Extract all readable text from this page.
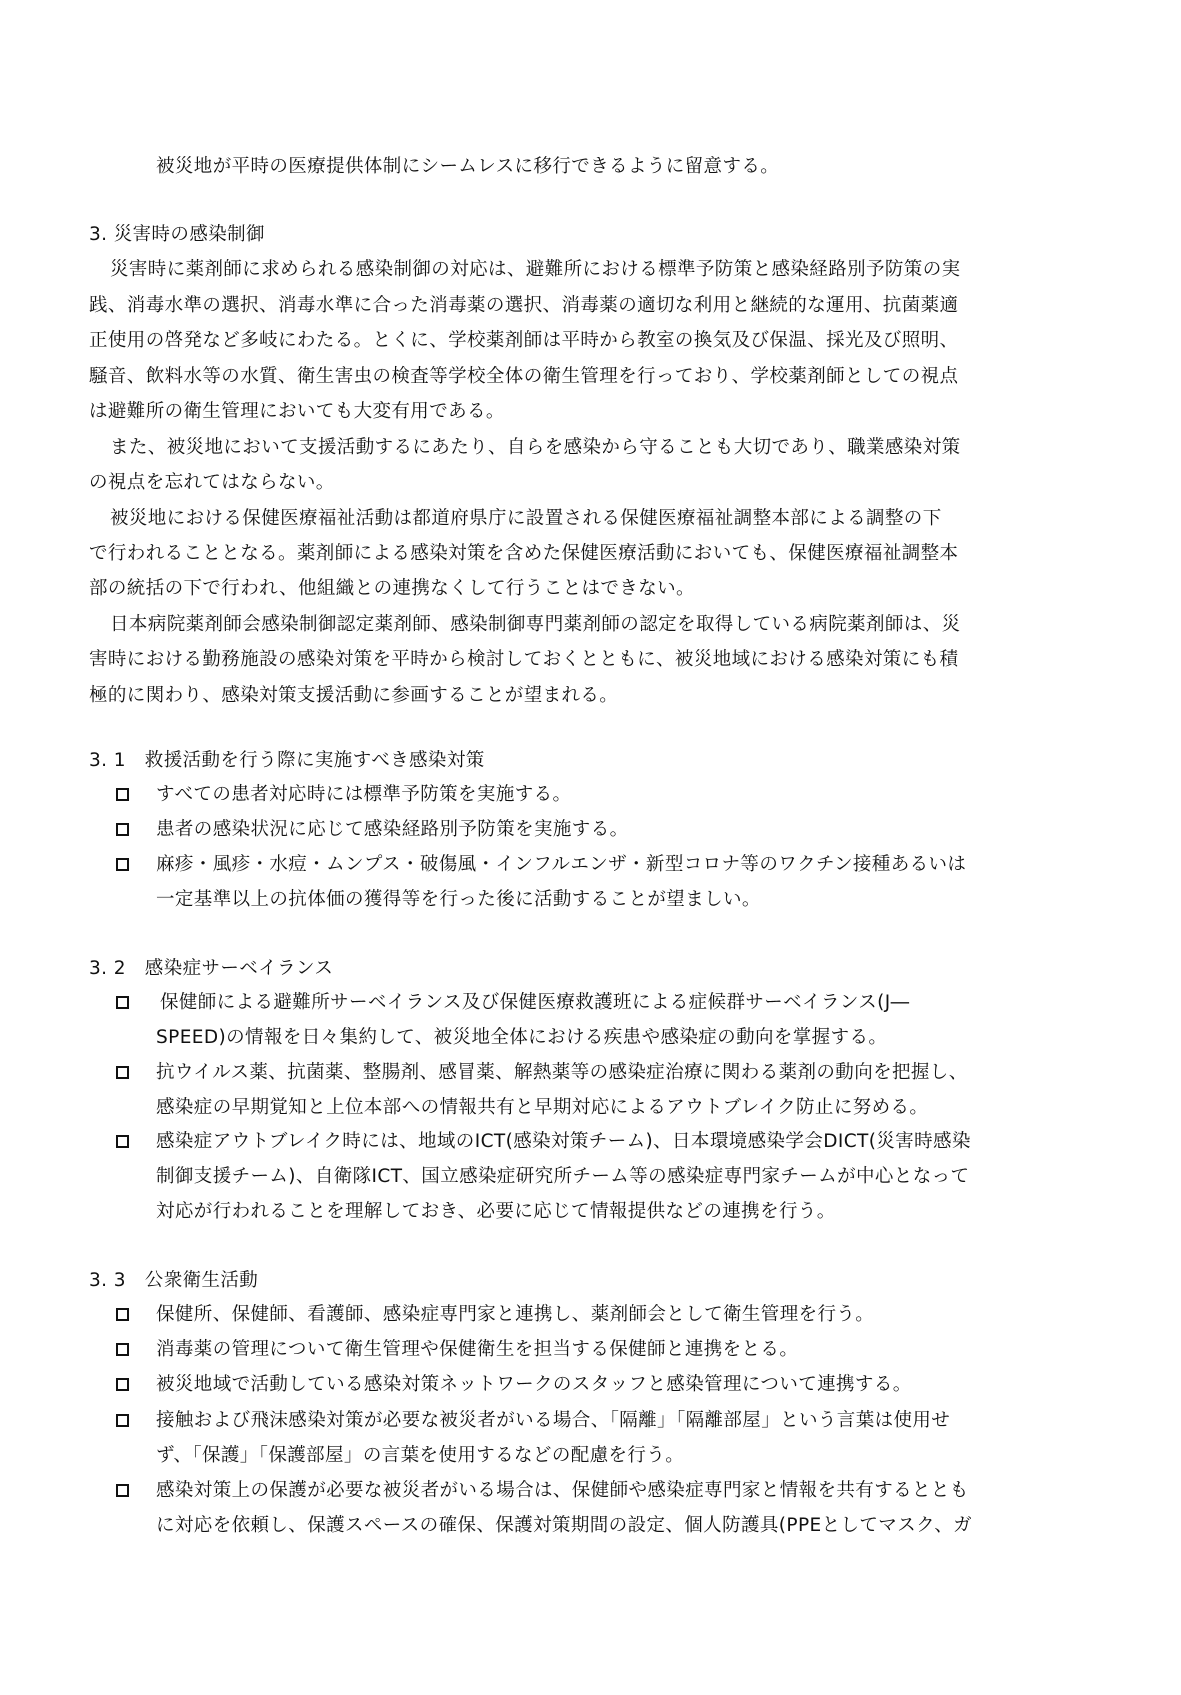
被災地が平時の医療提供体制にシームレスに移行できるように留意する。
3. 災害時の感染制御
災害時に薬剤師に求められる感染制御の対応は、避難所における標準予防策と感染経路別予防策の実
践、消毒水準の選択、消毒水準に合った消毒薬の選択、消毒薬の適切な利用と継続的な運用、抗菌薬適
正使用の啓発など多岐にわたる。とくに、学校薬剤師は平時から教室の換気及び保温、採光及び照明、
騒音、飲料水等の水質、衛生害虫の検査等学校全体の衛生管理を行っており、学校薬剤師としての視点
は避難所の衛生管理においても大変有用である。
また、被災地において支援活動するにあたり、自らを感染から守ることも大切であり、職業感染対策
の視点を忘れてはならない。
被災地における保健医療福祉活動は都道府県庁に設置される保健医療福祉調整本部による調整の下
で行われることとなる。薬剤師による感染対策を含めた保健医療活動においても、保健医療福祉調整本
部の統括の下で行われ、他組織との連携なくして行うことはできない。
日本病院薬剤師会感染制御認定薬剤師、感染制御専門薬剤師の認定を取得している病院薬剤師は、災
害時における勤務施設の感染対策を平時から検討しておくとともに、被災地域における感染対策にも積
極的に関わり、感染対策支援活動に参画することが望まれる。
3. 1　救援活動を行う際に実施すべき感染対策
すべての患者対応時には標準予防策を実施する。
患者の感染状況に応じて感染経路別予防策を実施する。
麻疹・風疹・水痘・ムンプス・破傷風・インフルエンザ・新型コロナ等のワクチン接種あるいは
一定基準以上の抗体価の獲得等を行った後に活動することが望ましい。
3. 2　感染症サーベイランス
保健師による避難所サーベイランス及び保健医療救護班による症候群サーベイランス(J―
SPEED)の情報を日々集約して、被災地全体における疾患や感染症の動向を掌握する。
抗ウイルス薬、抗菌薬、整腸剤、感冒薬、解熱薬等の感染症治療に関わる薬剤の動向を把握し、
感染症の早期覚知と上位本部への情報共有と早期対応によるアウトブレイク防止に努める。
感染症アウトブレイク時には、地域のICT(感染対策チーム)、日本環境感染学会DICT(災害時感染
制御支援チーム)、自衛隊ICT、国立感染症研究所チーム等の感染症専門家チームが中心となって
対応が行われることを理解しておき、必要に応じて情報提供などの連携を行う。
3. 3　公衆衛生活動
保健所、保健師、看護師、感染症専門家と連携し、薬剤師会として衛生管理を行う。
消毒薬の管理について衛生管理や保健衛生を担当する保健師と連携をとる。
被災地域で活動している感染対策ネットワークのスタッフと感染管理について連携する。
接触および飛沫感染対策が必要な被災者がいる場合、「隔離」「隔離部屋」という言葉は使用せ
ず、「保護」「保護部屋」の言葉を使用するなどの配慮を行う。
感染対策上の保護が必要な被災者がいる場合は、保健師や感染症専門家と情報を共有するととも
に対応を依頼し、保護スペースの確保、保護対策期間の設定、個人防護具(PPEとしてマスク、ガ
